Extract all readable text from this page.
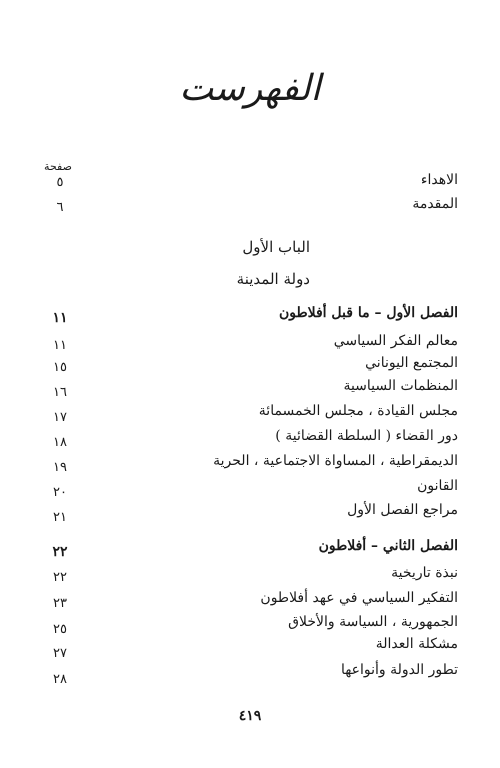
الفهرست
صفحة
الاهداء
٥
المقدمة
٦
الباب الأول
دولة المدينة
الفصل الأول – ما قبل أفلاطون
١١
معالم الفكر السياسي
١١
المجتمع اليوناني
١٥
المنظمات السياسية
١٦
مجلس القيادة ، مجلس الخمسمائة
١٧
دور القضاء ( السلطة القضائية )
١٨
الديمقراطية ، المساواة الاجتماعية ، الحرية
١٩
القانون
٢٠
مراجع الفصل الأول
٢١
الفصل الثاني – أفلاطون
٢٢
نبذة تاريخية
٢٢
التفكير السياسي في عهد أفلاطون
٢٣
الجمهورية ، السياسة والأخلاق
٢٥
مشكلة العدالة
٢٧
تطور الدولة وأنواعها
٢٨
٤١٩
